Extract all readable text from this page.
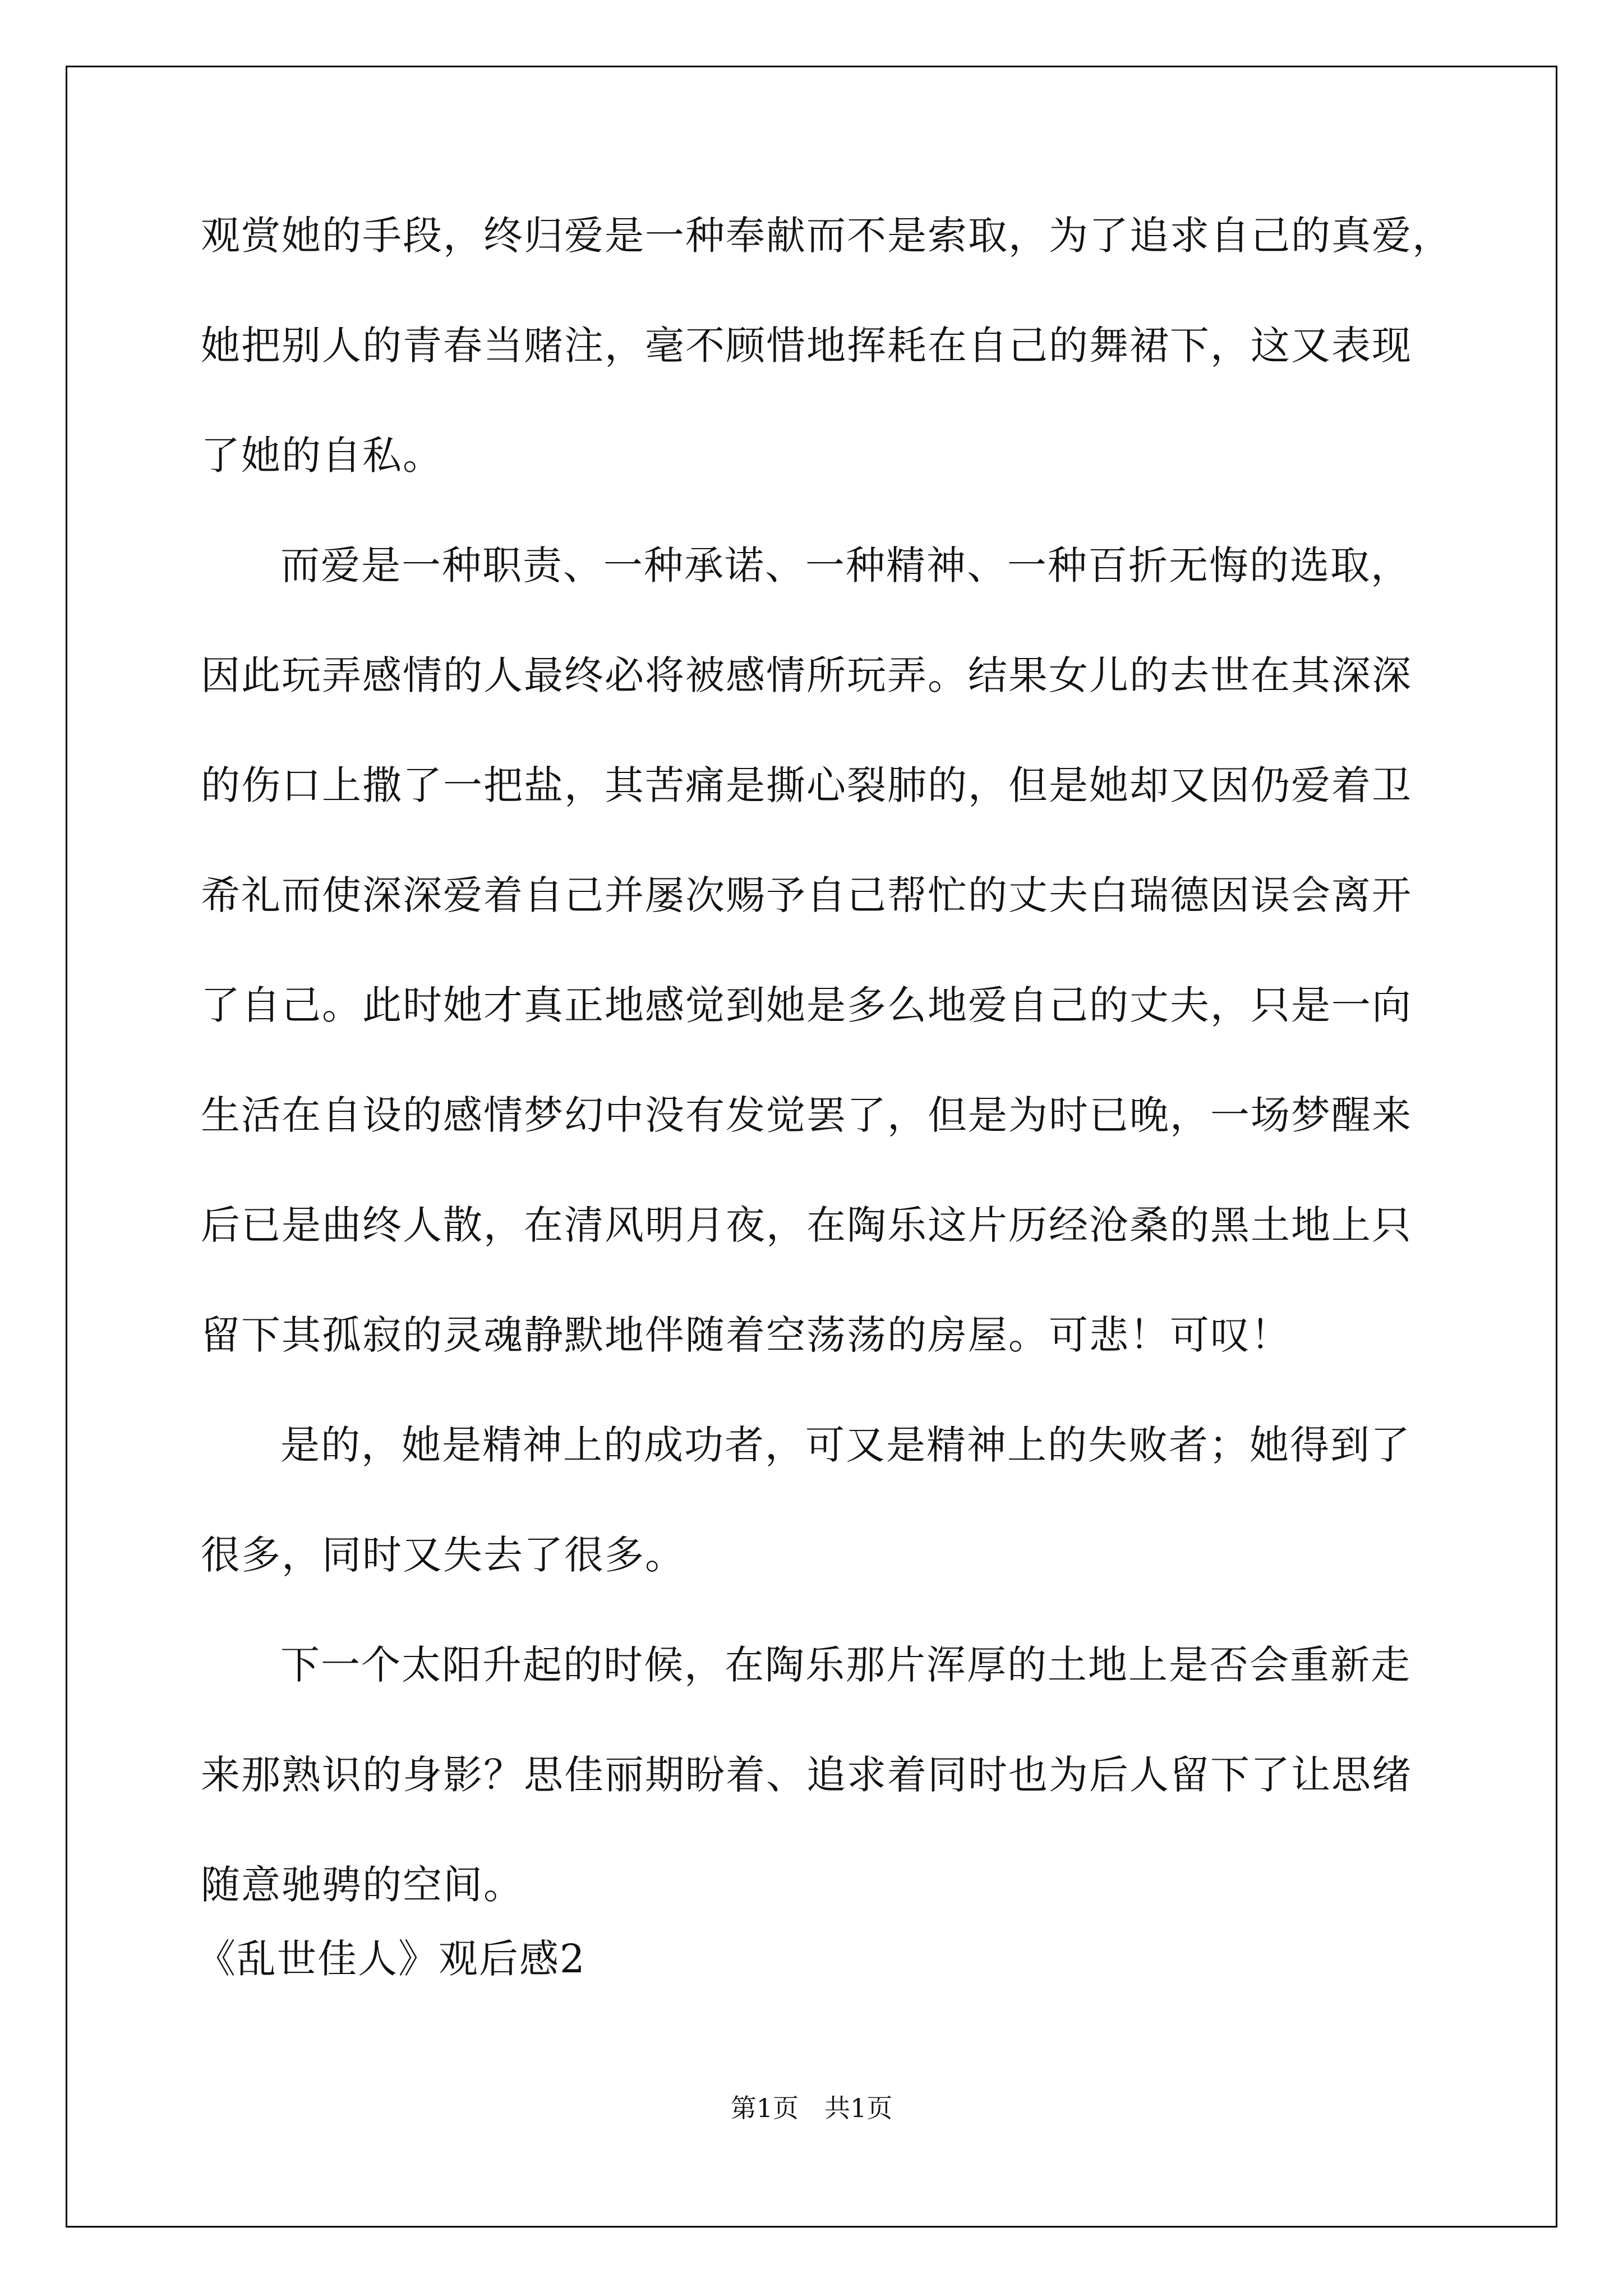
观赏她的手段，终归爱是一种奉献而不是索取，为了追求自己的真爱，
她把别人的青春当赌注，毫不顾惜地挥耗在自己的舞裙下，这又表现
了她的自私。
而爱是一种职责、一种承诺、一种精神、一种百折无悔的选取，
因此玩弄感情的人最终必将被感情所玩弄。结果女儿的去世在其深深
的伤口上撒了一把盐，其苦痛是撕心裂肺的，但是她却又因仍爱着卫
希礼而使深深爱着自己并屡次赐予自己帮忙的丈夫白瑞德因误会离开
了自己。此时她才真正地感觉到她是多么地爱自己的丈夫，只是一向
生活在自设的感情梦幻中没有发觉罢了，但是为时已晚，一场梦醒来
后已是曲终人散，在清风明月夜，在陶乐这片历经沧桑的黑土地上只
留下其孤寂的灵魂静默地伴随着空荡荡的房屋。可悲！可叹！
是的，她是精神上的成功者，可又是精神上的失败者；她得到了
很多，同时又失去了很多。
下一个太阳升起的时候，在陶乐那片浑厚的土地上是否会重新走
来那熟识的身影？思佳丽期盼着、追求着同时也为后人留下了让思绪
随意驰骋的空间。
《乱世佳人》观后感2
第1页　共1页
